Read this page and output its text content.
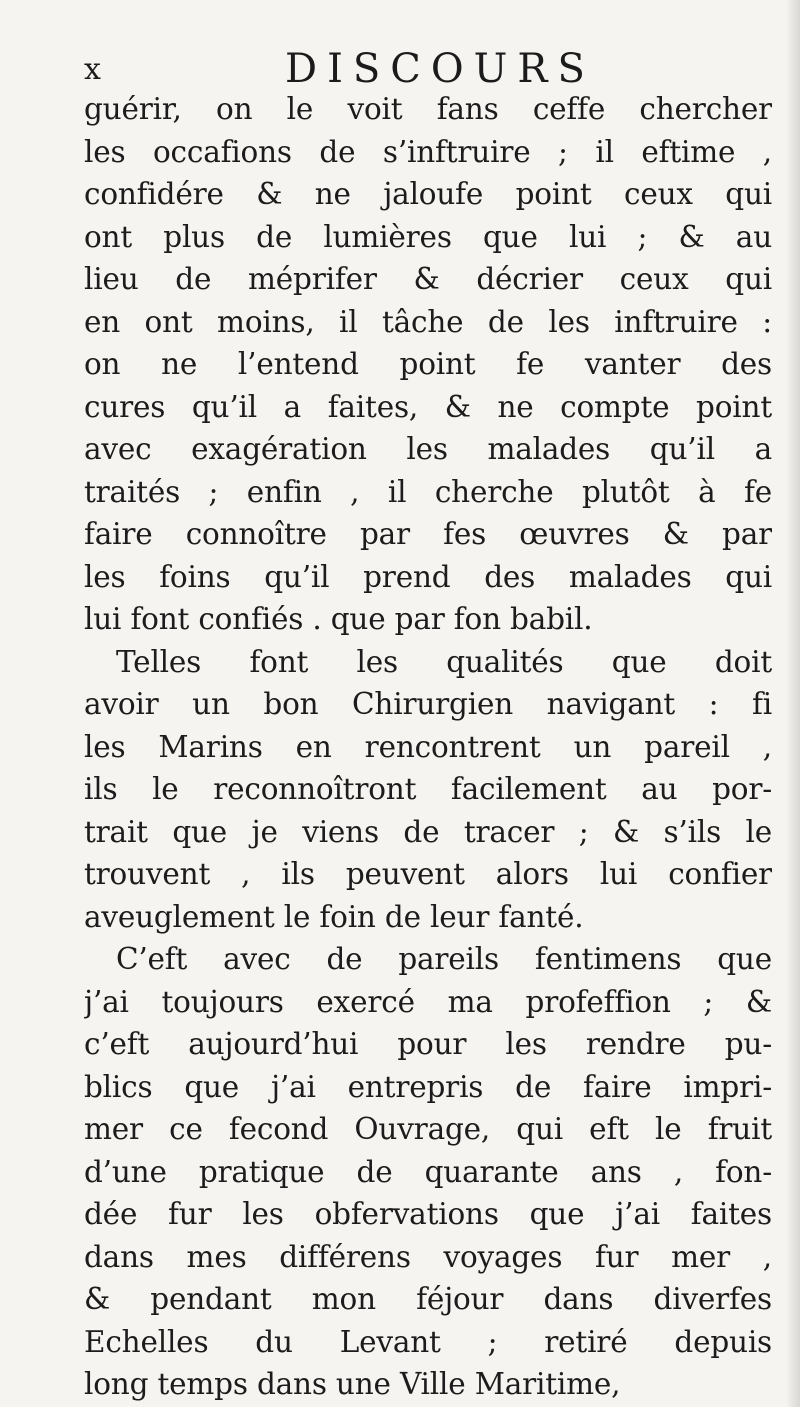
x	DISCOURS
guérir, on le voit fans ceffe chercher
les occafions de s’inftruire ; il eftime ,
confidére & ne jaloufe point ceux qui
ont plus de lumières que lui ; & au
lieu de méprifer & décrier ceux qui
en ont moins, il tâche de les inftruire :
on ne l’entend point fe vanter des
cures qu’il a faites, & ne compte point
avec exagération les malades qu’il a
traités ; enfin , il cherche plutôt à fe
faire connoître par fes œuvres & par
les foins qu’il prend des malades qui
lui font confiés . que par fon babil.
Telles font les qualités que doit
avoir un bon Chirurgien navigant : fi
les Marins en rencontrent un pareil ,
ils le reconnoîtront facilement au por-
trait que je viens de tracer ; & s’ils le
trouvent , ils peuvent alors lui confier
aveuglement le foin de leur fanté.
C’eft avec de pareils fentimens que
j’ai toujours exercé ma profeffion ; &
c’eft aujourd’hui pour les rendre pu-
blics que j’ai entrepris de faire impri-
mer ce fecond Ouvrage, qui eft le fruit
d’une pratique de quarante ans , fon-
dée fur les obfervations que j’ai faites
dans mes différens voyages fur mer ,
& pendant mon féjour dans diverfes
Echelles du Levant ; retiré depuis
long temps dans une Ville Maritime,
